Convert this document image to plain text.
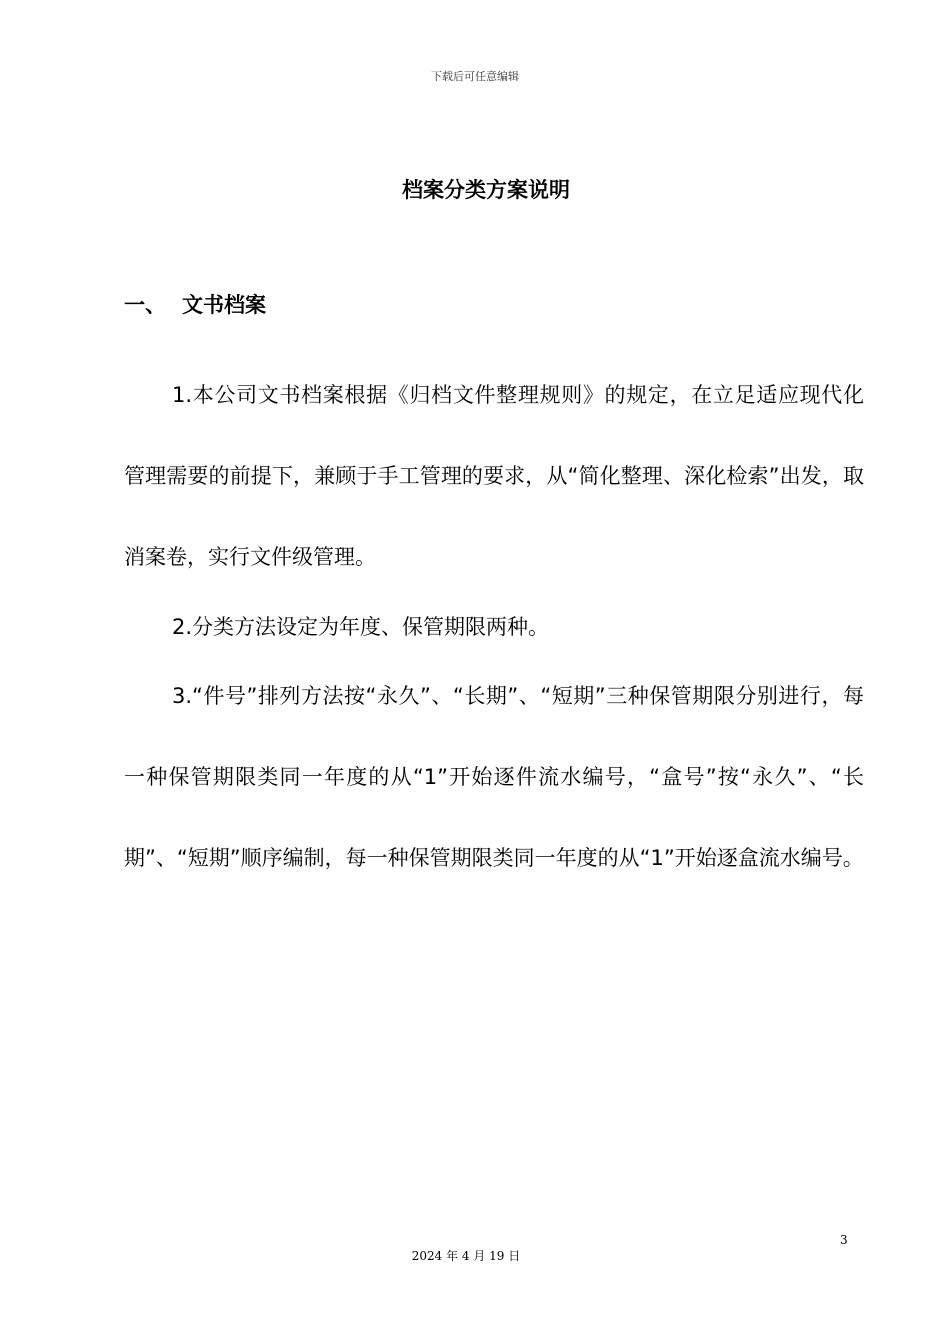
下载后可任意编辑
档案分类方案说明
一、 文书档案

1.本公司文书档案根据《归档文件整理规则》的规定，在立足适应现代化管理需要的前提下，兼顾于手工管理的要求，从“简化整理、深化检索”出发，取消案卷，实行文件级管理。

2.分类方法设定为年度、保管期限两种。

3.“件号”排列方法按“永久”、“长期”、“短期”三种保管期限分别进行，每一种保管期限类同一年度的从“1”开始逐件流水编号，“盒号”按“永久”、“长期”、“短期”顺序编制，每一种保管期限类同一年度的从“1”开始逐盒流水编号。

3
2024 年 4 月 19 日
